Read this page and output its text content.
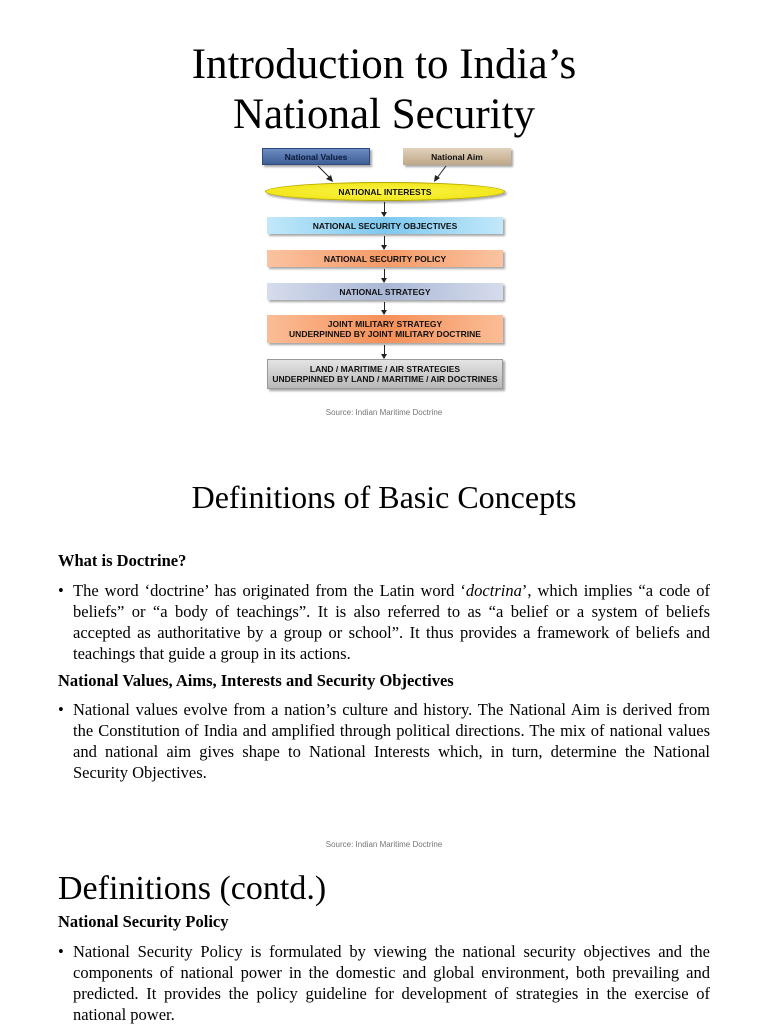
Introduction to India’s
National Security
National Values	National Aim
NATIONAL INTERESTS
NATIONAL SECURITY OBJECTIVES
NATIONAL SECURITY POLICY
NATIONAL STRATEGY
JOINT MILITARY STRATEGY
UNDERPINNED BY JOINT MILITARY DOCTRINE
LAND / MARITIME / AIR STRATEGIES
UNDERPINNED BY LAND / MARITIME / AIR DOCTRINES
Source: Indian Maritime Doctrine
Definitions of Basic Concepts

What is Doctrine?

• The word ‘doctrine’ has originated from the Latin word ‘doctrina’, which implies “a code of beliefs” or “a body of teachings”. It is also referred to as “a belief or a system of beliefs accepted as authoritative by a group or school”. It thus provides a framework of beliefs and teachings that guide a group in its actions.

National Values, Aims, Interests and Security Objectives

• National values evolve from a nation’s culture and history. The National Aim is derived from the Constitution of India and amplified through political directions. The mix of national values and national aim gives shape to National Interests which, in turn, determine the National Security Objectives.
Source: Indian Maritime Doctrine
Definitions (contd.)

National Security Policy

• National Security Policy is formulated by viewing the national security objectives and the components of national power in the domestic and global environment, both prevailing and predicted. It provides the policy guideline for development of strategies in the exercise of national power.
